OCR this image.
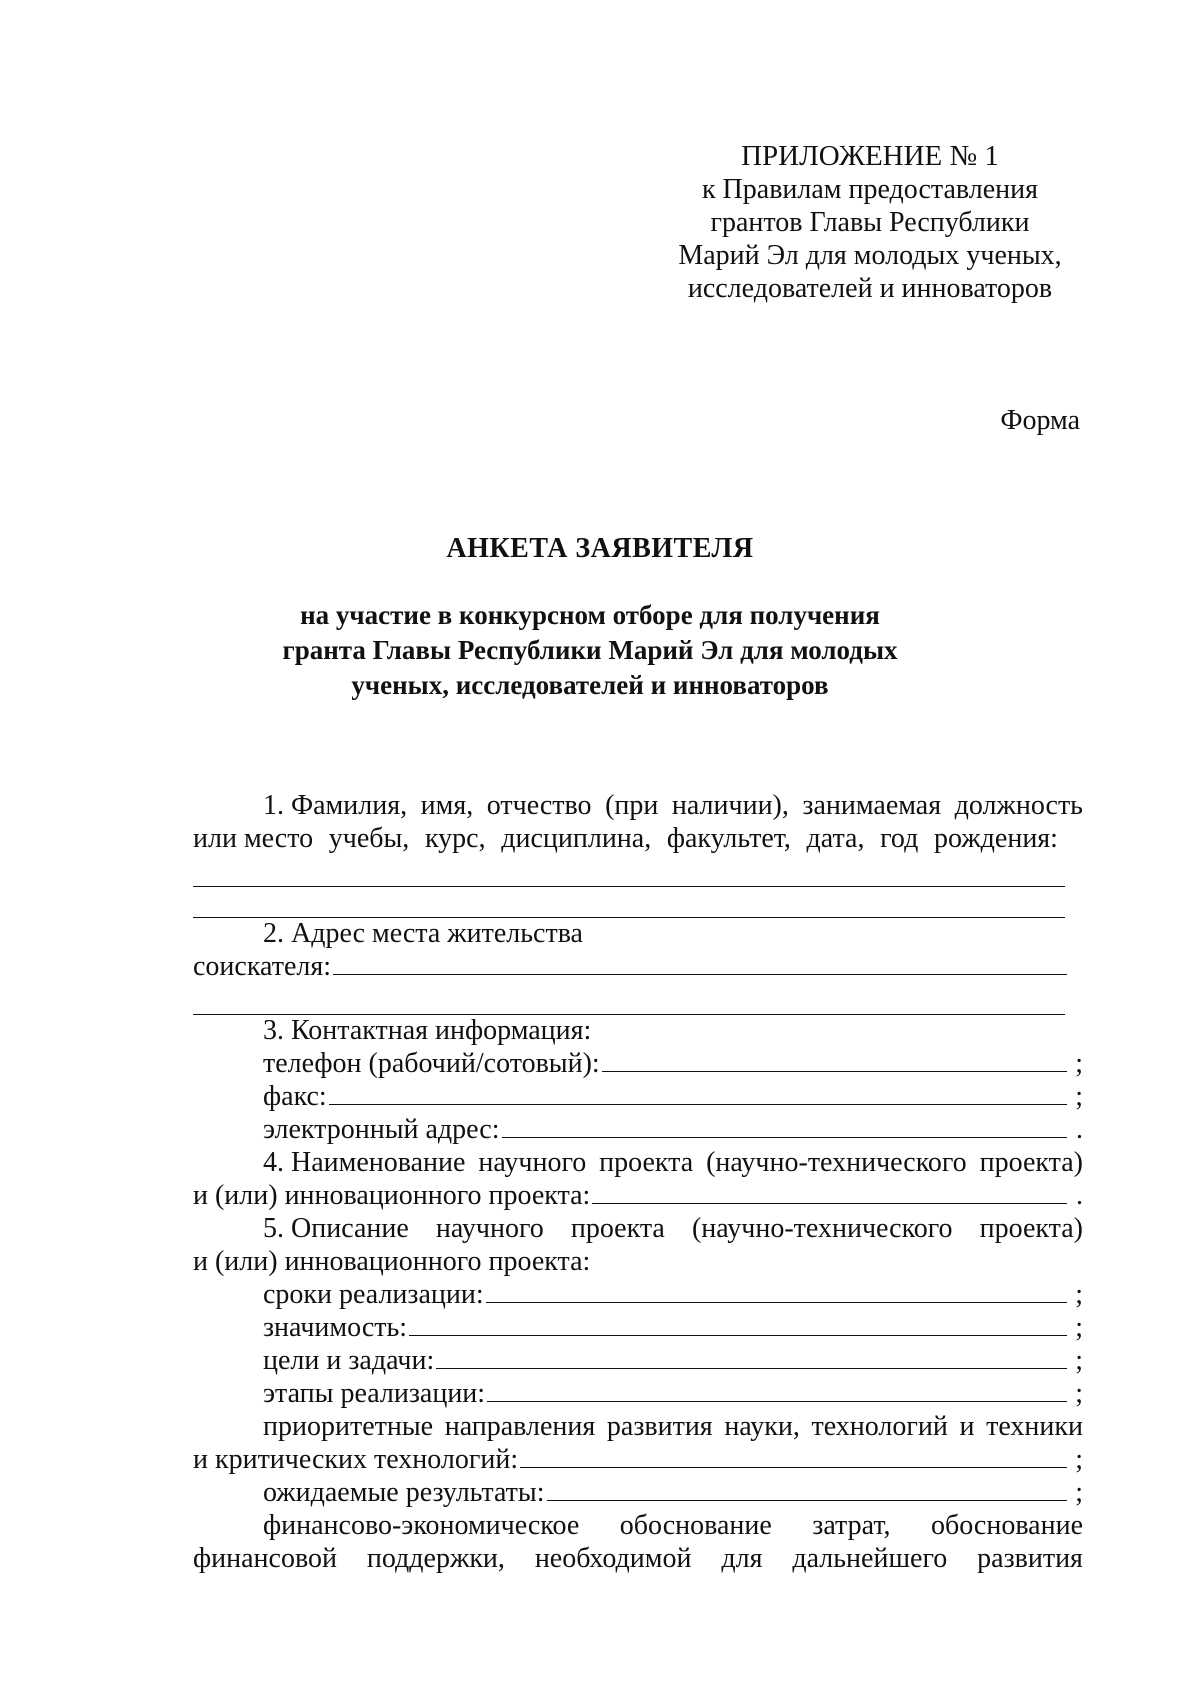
ПРИЛОЖЕНИЕ № 1
к Правилам предоставления
грантов Главы Республики
Марий Эл для молодых ученых,
исследователей и инноваторов
Форма
АНКЕТА ЗАЯВИТЕЛЯ
на участие в конкурсном отборе для получения
гранта Главы Республики Марий Эл для молодых
ученых, исследователей и инноваторов
1. Фамилия, имя, отчество (при наличии), занимаемая должность
или место учебы, курс, дисциплина, факультет, дата, год рождения:
2. Адрес места жительства
соискателя:
3. Контактная информация:
телефон (рабочий/сотовый):	;
факс:	;
электронный адрес:	.
4. Наименование научного проекта (научно-технического проекта)
и (или) инновационного проекта:	.
5. Описание научного проекта (научно-технического проекта)
и (или) инновационного проекта:
сроки реализации:	;
значимость:	;
цели и задачи:	;
этапы реализации:	;
приоритетные направления развития науки, технологий и техники
и критических технологий:	;
ожидаемые результаты:	;
финансово-экономическое обоснование затрат, обоснование
финансовой поддержки, необходимой для дальнейшего развития
